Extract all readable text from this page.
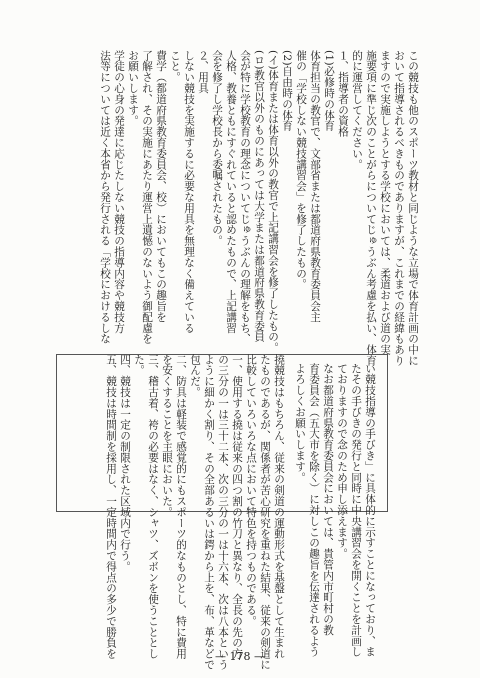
この競技も他のスポーツ教材と同じような立場で体育計画の中に
おいて指導されるべきものでありますが、これまでの経緯もあり
ますので実施しようとする学校においては、柔道および道の実
施要項に準じ次のことがらについてじゅうぶん考慮を払い、体育
的に運営してください。
１、指導者の資格
(1)必修時の体育
体育担当の教官で、文部省または都道府県教育委員会主
催の「学校しない競技講習会」を修了したもの。
(2)自由時の体育
(イ)体育または体育以外の教官で上記講習会を修了したもの。
(ロ)教官以外のものにあっては大学または都道府県教育委員
会が特に学校教育の理念についてじゅうぶんの理解をもち、
人格、教養ともにすぐれていると認めたもので、上記講習
会を修了し学校長から委嘱されたもの。
２、用具
しない競技を実施するに必要な用具を無理なく備えている
こと。
費学（都道府県教育委員会、校）においてもこの趣旨を
了解され、その実施にあたり運営上遺憾のないよう御配慮を
お願いします。
学徒の心身の発達に応じたしない競技の指導内容や競技方
法等については近く本省から発行される「学校におけるしな
い競技指導の手びき」に具体的に示すことになっており、ま
たその手びきの発行と同時に中央講習会を開くことを計画し
ておりますので念のため申し添えます。
なお都道府県教育委員会においては、貴管内市町村の教
育委員会（五大市を除く）に対しこの趣旨を伝達されるよう
よろしくお願いします。
撓競技はもちろん、従来の剣道の運動形式を基盤として生まれ
たものであるが、関係者が苦心研究を重ねた結果、従来の剣道に
比較していろいろな点において特色を持つものである。
一、使用する撓は従来の四つ割の竹刀と異なり、全長の先の方
の三分の一は三十二本、次の三分の一は十六本、次は八本という
ように細かく割り、その全部あるいは鍔から上を、布、革などで
包んだ。
二、防具は軽装で感覚的にもスポーツ的なものとし、特に費用
を安くすることを主眼においた。
三、稽古着、袴の必要はなく、シャツ、ズボンを使うこととし
た。
四、競技は一定の制限された区域内で行う。
五、競技は時間制を採用し、一定時間内で得点の多少で勝負を	— 178 —
